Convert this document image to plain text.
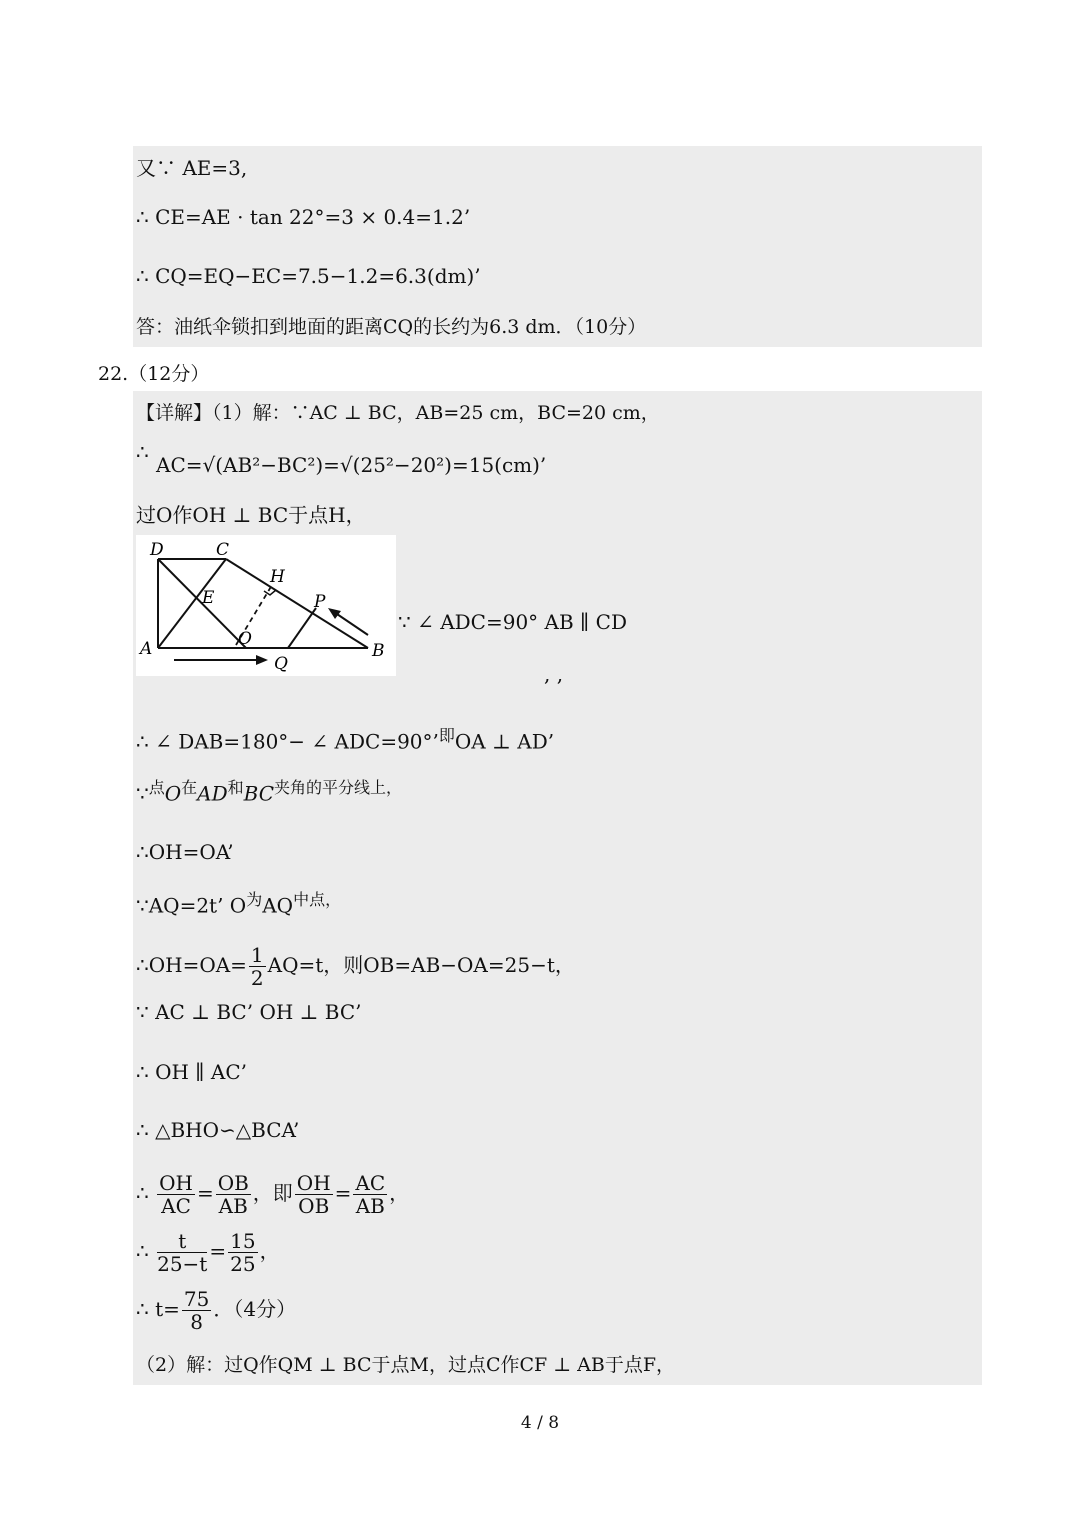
又∵ AE=3,
∴ CE=AE · tan 22°=3 × 0.4=1.2’
∴ CQ=EQ−EC=7.5−1.2=6.3(dm)’
答：油纸伞锁扣到地面的距离CQ的长约为6.3 dm．（10分）
22.（12分）
【详解】（1）解：∵AC ⊥ BC，AB=25 cm，BC=20 cm，
∴
AC=√(AB²−BC²)=√(25²−20²)=15(cm)’
过O作OH ⊥ BC于点H，
D	C
H
E	P
O
A
Q
B
∵ ∠ ADC=90° AB ∥ CD
, ,
∴ ∠ DAB=180°− ∠ ADC=90°’$^即$OA ⊥ AD’
$\because^点O^在AD^和BC^{夹角的平分线上,}$
∴OH=OA’
∵AQ=2t’ $O^为AQ^{中点,}$
∴OH=OA= $\frac{1}{2} AQ=t$，则OB=AB−OA=25−t，
∵ AC ⊥ BC’ OH ⊥ BC’
∴ OH ∥ AC’
∴ △BHO∽△BCA’
∴ $\frac{OH}{AC} = \frac{OB}{AB}$ ，即 $\frac{OH}{OB} = \frac{AC}{AB}$ ，
∴ $\frac{t}{25-t} = \frac{15}{25}$ ，
∴ $t= \frac{75}{8}$ ．（4分）
（2）解：过Q作QM ⊥ BC于点M，过点C作CF ⊥ AB于点F，
4 / 8
